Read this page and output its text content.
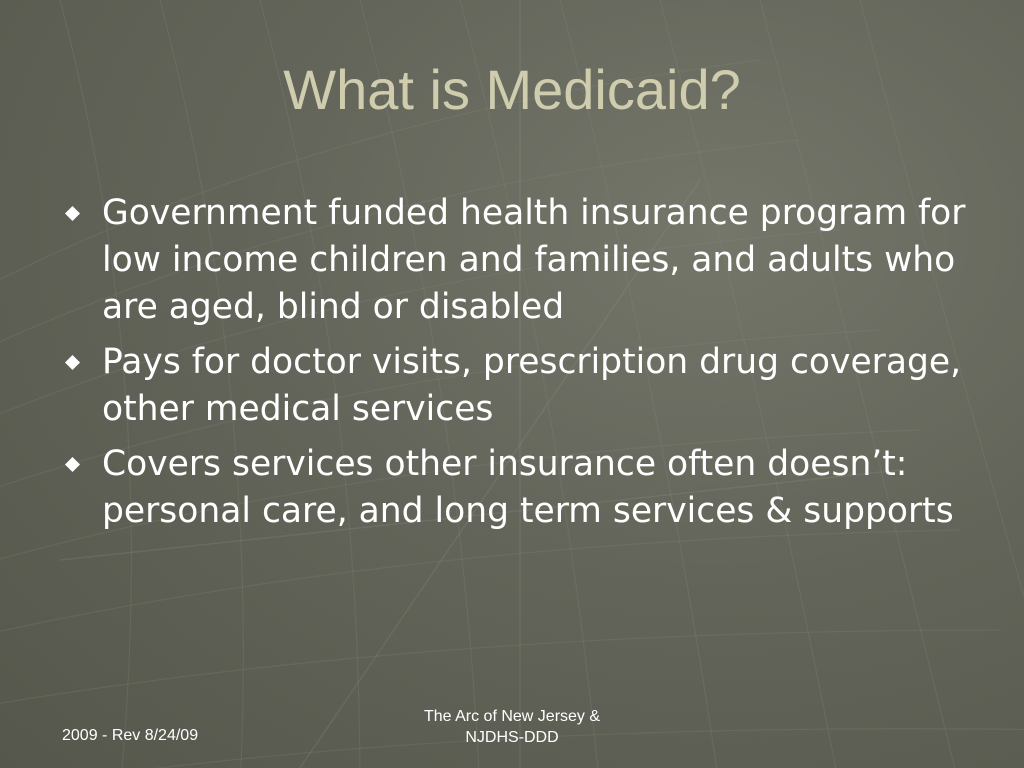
What is Medicaid?
Government funded health insurance program for low income children and families, and adults who are aged, blind or disabled
Pays for doctor visits, prescription drug coverage, other medical services
Covers services other insurance often doesn’t: personal care, and long term services & supports
2009 - Rev 8/24/09
The Arc of New Jersey &
NJDHS-DDD
